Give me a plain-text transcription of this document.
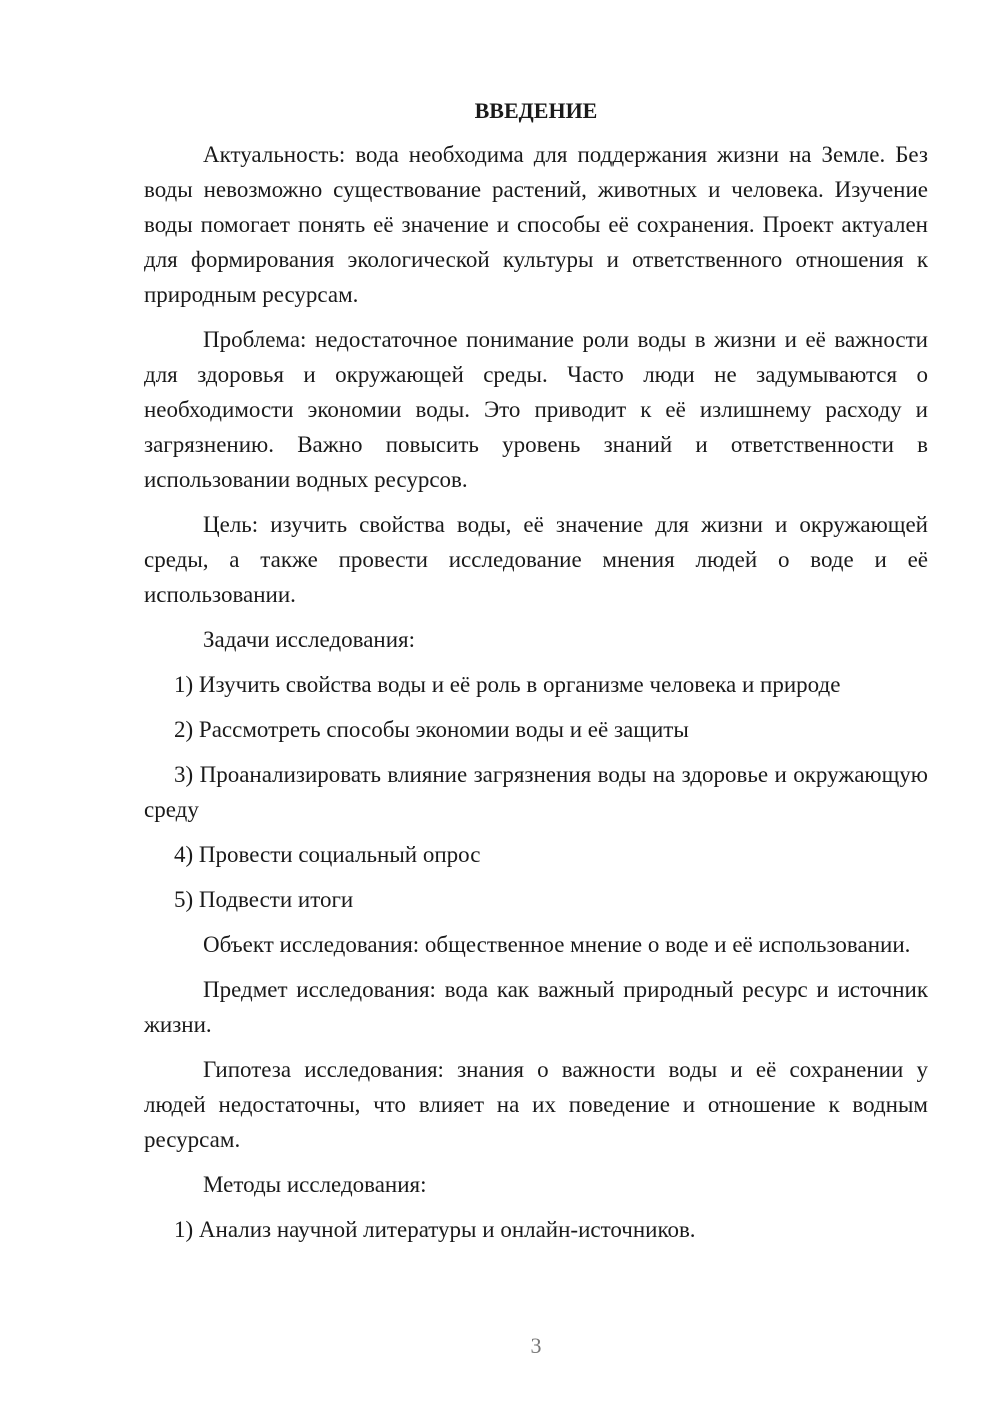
ВВЕДЕНИЕ

Актуальность: вода необходима для поддержания жизни на Земле. Без воды невозможно существование растений, животных и человека. Изучение воды помогает понять её значение и способы её сохранения. Проект актуален для формирования экологической культуры и ответственного отношения к природным ресурсам.

Проблема: недостаточное понимание роли воды в жизни и её важности для здоровья и окружающей среды. Часто люди не задумываются о необходимости экономии воды. Это приводит к её излишнему расходу и загрязнению. Важно повысить уровень знаний и ответственности в использовании водных ресурсов.

Цель: изучить свойства воды, её значение для жизни и окружающей среды, а также провести исследование мнения людей о воде и её использовании.

Задачи исследования:

1) Изучить свойства воды и её роль в организме человека и природе

2) Рассмотреть способы экономии воды и её защиты

3) Проанализировать влияние загрязнения воды на здоровье и окружающую среду

4) Провести социальный опрос

5) Подвести итоги

Объект исследования: общественное мнение о воде и её использовании.

Предмет исследования: вода как важный природный ресурс и источник жизни.

Гипотеза исследования: знания о важности воды и её сохранении у людей недостаточны, что влияет на их поведение и отношение к водным ресурсам.

Методы исследования:

1) Анализ научной литературы и онлайн-источников.

3
